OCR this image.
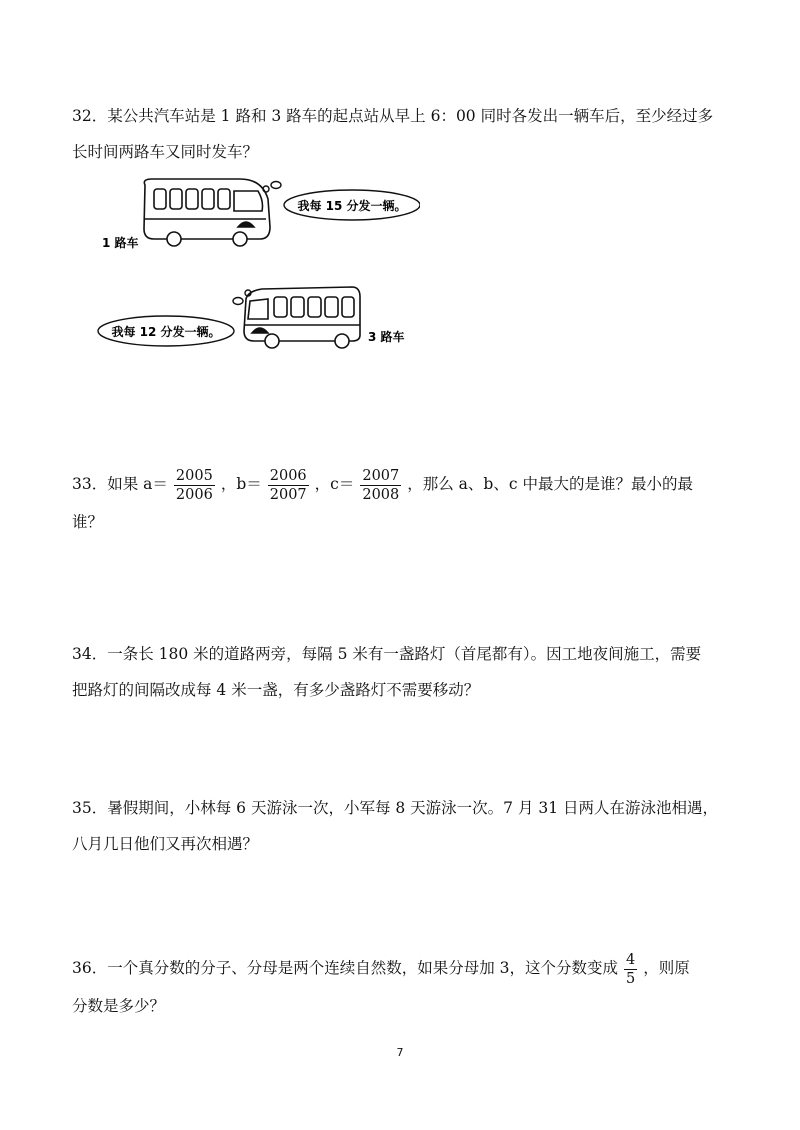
32．某公共汽车站是 1 路和 3 路车的起点站从早上 6：00 同时各发出一辆车后，至少经过多
长时间两路车又同时发车？
我每 15 分发一辆。
1 路车
我每 12 分发一辆。	3 路车
33．如果 $a= \frac{2005}{2006}$ ，$b= \frac{2006}{2007}$ ，$c= \frac{2007}{2008}$ ，那么 a、b、c 中最大的是谁？最小的最
谁？
34．一条长 180 米的道路两旁，每隔 5 米有一盏路灯（首尾都有）。因工地夜间施工，需要
把路灯的间隔改成每 4 米一盏，有多少盏路灯不需要移动？
35．暑假期间，小林每 6 天游泳一次，小军每 8 天游泳一次。7 月 31 日两人在游泳池相遇，
八月几日他们又再次相遇？
36．一个真分数的分子、分母是两个连续自然数，如果分母加 3，这个分数变成 $\frac{4}{5}$ ，则原
分数是多少？
7
